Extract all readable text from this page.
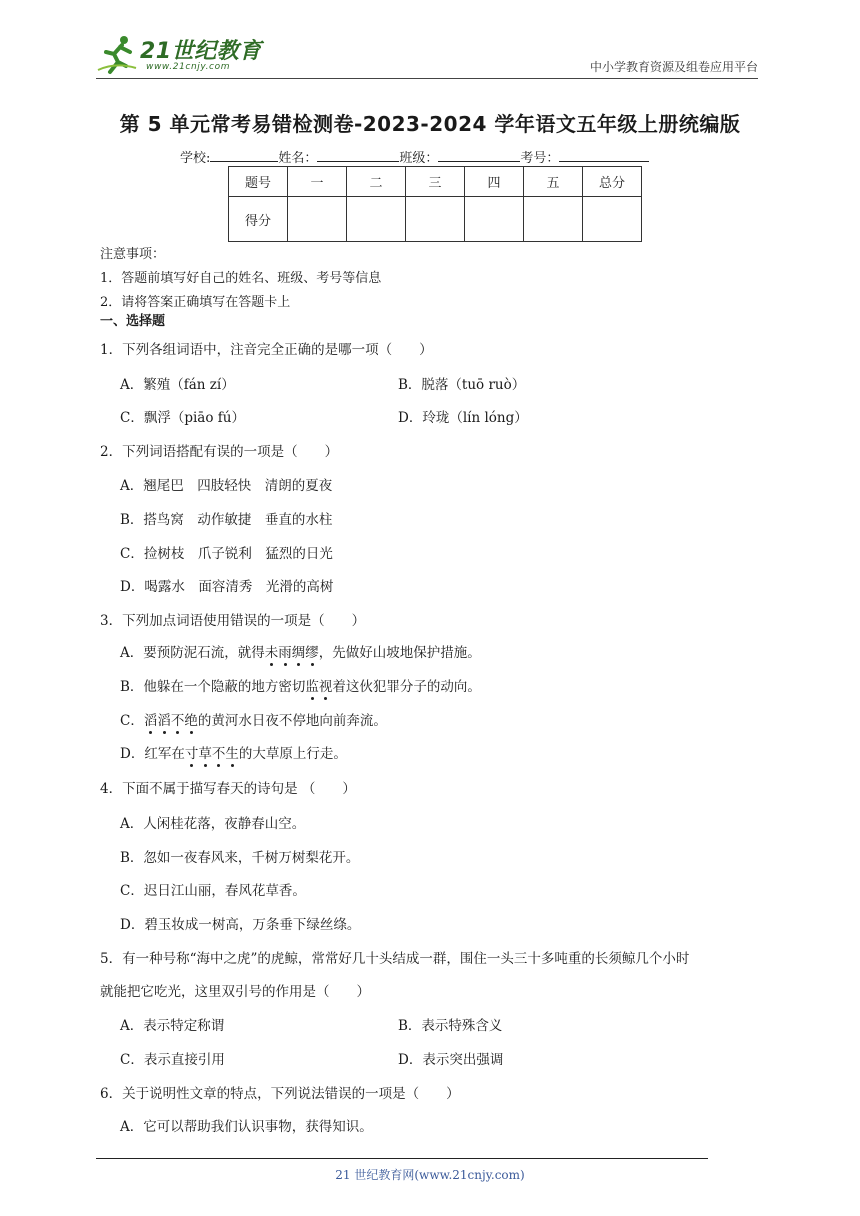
21世纪教育
www.21cnjy.com	中小学教育资源及组卷应用平台
第 5 单元常考易错检测卷-2023-2024 学年语文五年级上册统编版
学校:	姓名：	班级：	考号：
题号	一	二	三	四	五	总分
得分						
注意事项：
1．答题前填写好自己的姓名、班级、考号等信息
2．请将答案正确填写在答题卡上
一、选择题
1．下列各组词语中，注音完全正确的是哪一项（　　）
A．繁殖（fán zí）	B．脱落（tuō ruò）
C．飘浮（piāo fú）	D．玲珑（lín lóng）
2．下列词语搭配有误的一项是（　　）
A．翘尾巴　四肢轻快　清朗的夏夜
B．搭鸟窝　动作敏捷　垂直的水柱
C．捡树枝　爪子锐利　猛烈的日光
D．喝露水　面容清秀　光滑的高树
3．下列加点词语使用错误的一项是（　　）
A．要预防泥石流，就得未雨绸缪，先做好山坡地保护措施。
B．他躲在一个隐蔽的地方密切监视着这伙犯罪分子的动向。
C．滔滔不绝的黄河水日夜不停地向前奔流。
D．红军在寸草不生的大草原上行走。
4．下面不属于描写春天的诗句是 （　　）
A．人闲桂花落，夜静春山空。
B．忽如一夜春风来，千树万树梨花开。
C．迟日江山丽，春风花草香。
D．碧玉妆成一树高，万条垂下绿丝绦。
5．有一种号称“海中之虎”的虎鲸，常常好几十头结成一群，围住一头三十多吨重的长须鲸几个小时
就能把它吃光，这里双引号的作用是（　　）
A．表示特定称谓	B．表示特殊含义
C．表示直接引用	D．表示突出强调
6．关于说明性文章的特点，下列说法错误的一项是（　　）
A．它可以帮助我们认识事物，获得知识。
21 世纪教育网(www.21cnjy.com)
